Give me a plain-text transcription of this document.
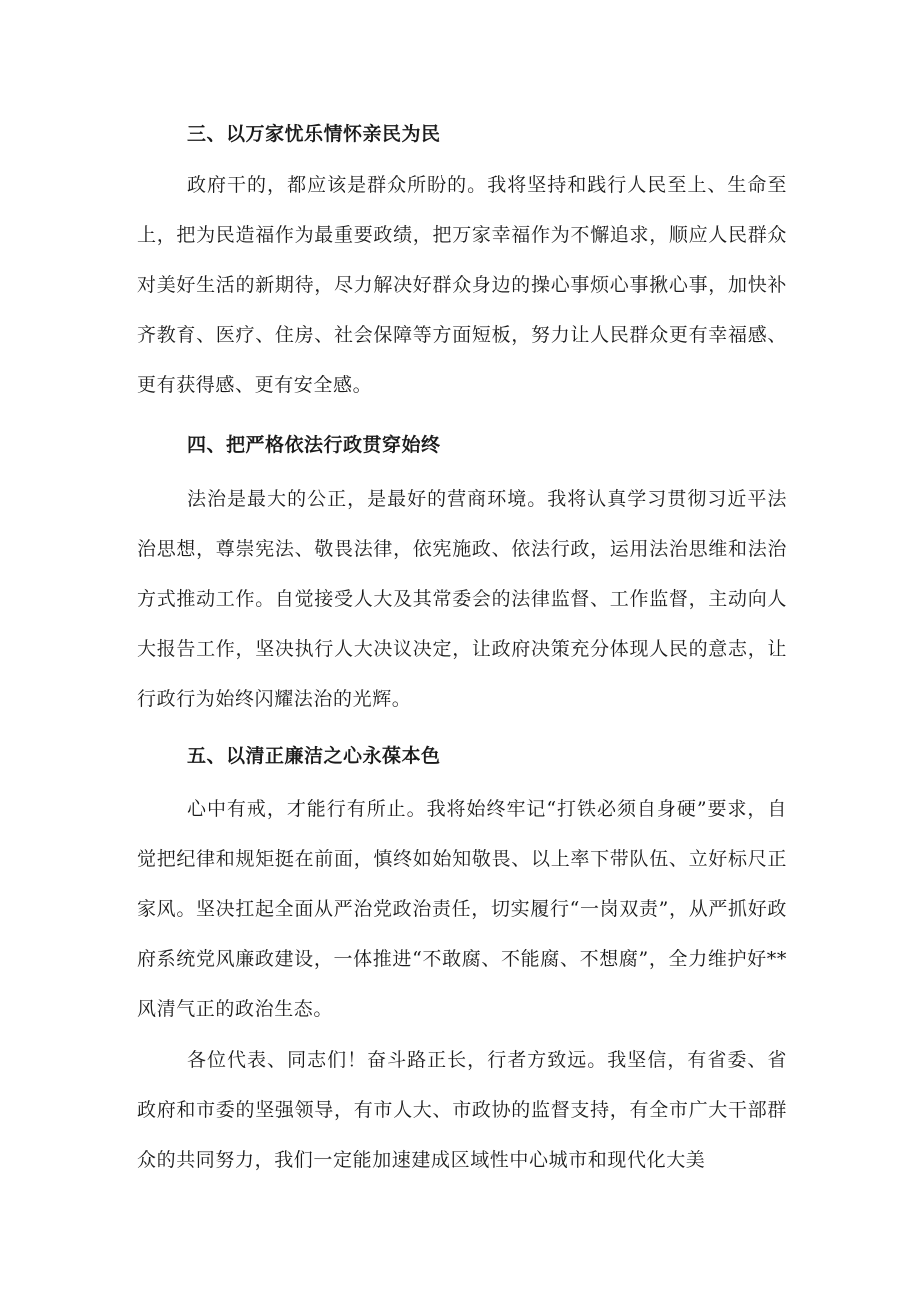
三、以万家忧乐情怀亲民为民

政府干的，都应该是群众所盼的。我将坚持和践行人民至上、生命至上，把为民造福作为最重要政绩，把万家幸福作为不懈追求，顺应人民群众对美好生活的新期待，尽力解决好群众身边的操心事烦心事揪心事，加快补齐教育、医疗、住房、社会保障等方面短板，努力让人民群众更有幸福感、更有获得感、更有安全感。

四、把严格依法行政贯穿始终

法治是最大的公正，是最好的营商环境。我将认真学习贯彻习近平法治思想，尊崇宪法、敬畏法律，依宪施政、依法行政，运用法治思维和法治方式推动工作。自觉接受人大及其常委会的法律监督、工作监督，主动向人大报告工作，坚决执行人大决议决定，让政府决策充分体现人民的意志，让行政行为始终闪耀法治的光辉。

五、以清正廉洁之心永葆本色

心中有戒，才能行有所止。我将始终牢记“打铁必须自身硬”要求，自觉把纪律和规矩挺在前面，慎终如始知敬畏、以上率下带队伍、立好标尺正家风。坚决扛起全面从严治党政治责任，切实履行“一岗双责”，从严抓好政府系统党风廉政建设，一体推进“不敢腐、不能腐、不想腐”，全力维护好**风清气正的政治生态。

各位代表、同志们！奋斗路正长，行者方致远。我坚信，有省委、省政府和市委的坚强领导，有市人大、市政协的监督支持，有全市广大干部群众的共同努力，我们一定能加速建成区域性中心城市和现代化大美
